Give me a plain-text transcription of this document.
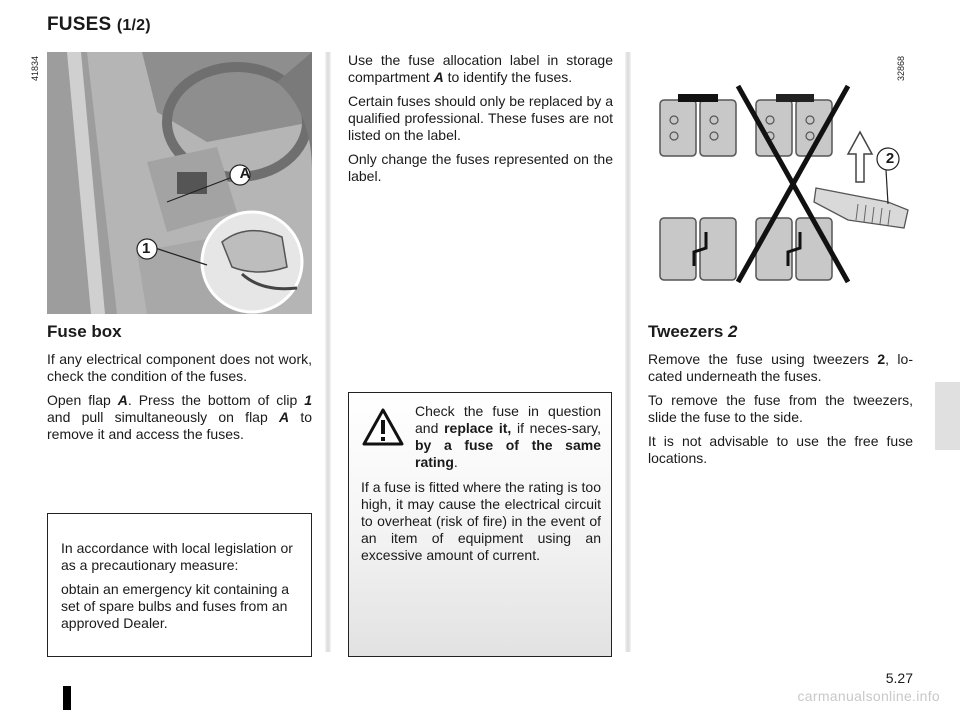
FUSES (1/2)
41834
A
1
Fuse box

If any electrical component does not work, check the condition of the fuses.

Open flap A. Press the bottom of clip 1 and pull simultaneously on flap A to remove it and access the fuses.

In accordance with local legislation or as a precautionary measure:

obtain an emergency kit containing a set of spare bulbs and fuses from an approved Dealer.

Use the fuse allocation label in storage compartment A to identify the fuses.

Certain fuses should only be replaced by a qualified professional. These fuses are not listed on the label.

Only change the fuses represented on the label.

Check the fuse in question and replace it, if neces-sary, by a fuse of the same rating.

If a fuse is fitted where the rating is too high, it may cause the electrical circuit to overheat (risk of fire) in the event of an item of equipment using an excessive amount of current.

32868
2
Tweezers 2

Remove the fuse using tweezers 2, lo-cated underneath the fuses.

To remove the fuse from the tweezers, slide the fuse to the side.

It is not advisable to use the free fuse locations.

5.27
carmanualsonline.info
